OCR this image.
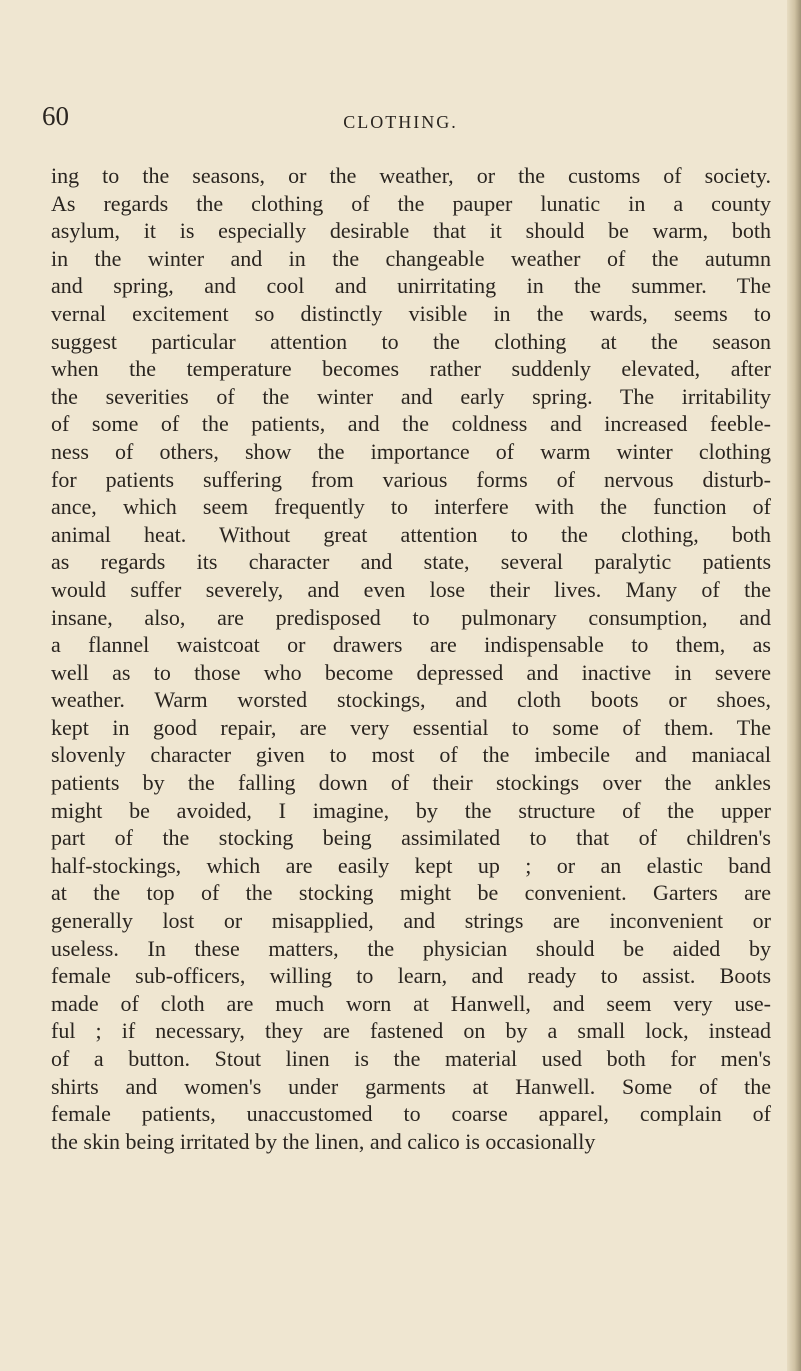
60	CLOTHING.
ing to the seasons, or the weather, or the customs of society.
As regards the clothing of the pauper lunatic in a county
asylum, it is especially desirable that it should be warm, both
in the winter and in the changeable weather of the autumn
and spring, and cool and unirritating in the summer. The
vernal excitement so distinctly visible in the wards, seems to
suggest particular attention to the clothing at the season
when the temperature becomes rather suddenly elevated, after
the severities of the winter and early spring. The irritability
of some of the patients, and the coldness and increased feeble-
ness of others, show the importance of warm winter clothing
for patients suffering from various forms of nervous disturb-
ance, which seem frequently to interfere with the function of
animal heat. Without great attention to the clothing, both
as regards its character and state, several paralytic patients
would suffer severely, and even lose their lives. Many of the
insane, also, are predisposed to pulmonary consumption, and
a flannel waistcoat or drawers are indispensable to them, as
well as to those who become depressed and inactive in severe
weather. Warm worsted stockings, and cloth boots or shoes,
kept in good repair, are very essential to some of them. The
slovenly character given to most of the imbecile and maniacal
patients by the falling down of their stockings over the ankles
might be avoided, I imagine, by the structure of the upper
part of the stocking being assimilated to that of children's
half-stockings, which are easily kept up ; or an elastic band
at the top of the stocking might be convenient. Garters are
generally lost or misapplied, and strings are inconvenient or
useless. In these matters, the physician should be aided by
female sub-officers, willing to learn, and ready to assist. Boots
made of cloth are much worn at Hanwell, and seem very use-
ful ; if necessary, they are fastened on by a small lock, instead
of a button. Stout linen is the material used both for men's
shirts and women's under garments at Hanwell. Some of the
female patients, unaccustomed to coarse apparel, complain of
the skin being irritated by the linen, and calico is occasionally
